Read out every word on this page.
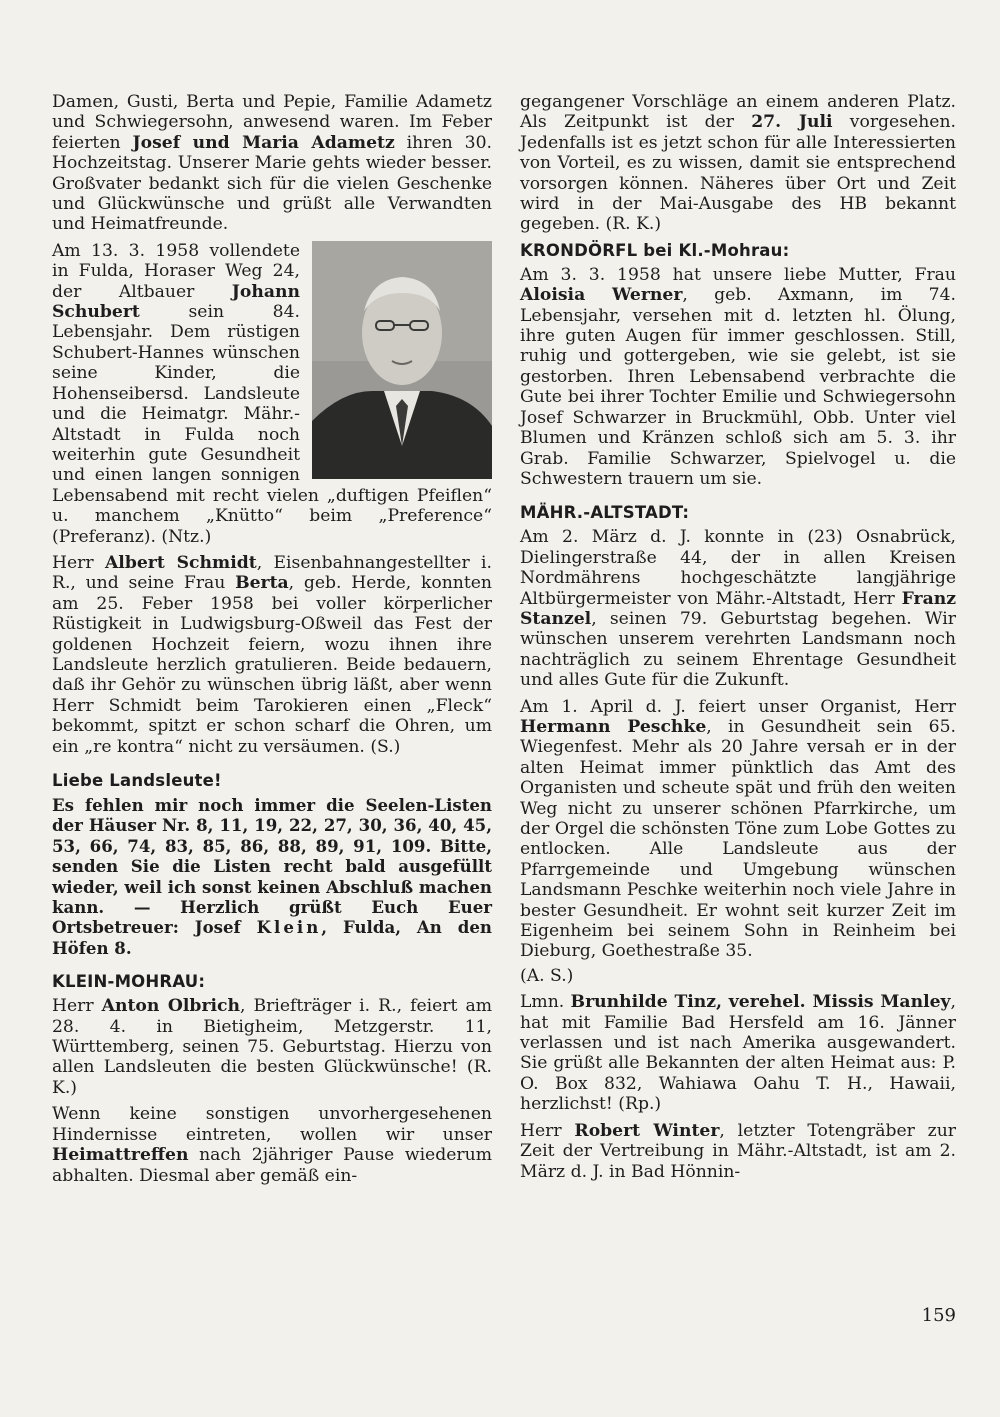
Damen, Gusti, Berta und Pepie, Familie Adametz und Schwiegersohn, anwesend waren. Im Feber feierten Josef und Maria Adametz ihren 30. Hochzeitstag. Unserer Marie gehts wieder besser. Großvater bedankt sich für die vielen Geschenke und Glückwünsche und grüßt alle Verwandten und Heimatfreunde.

Am 13. 3. 1958 vollendete in Fulda, Horaser Weg 24, der Altbauer Johann Schubert sein 84. Lebensjahr. Dem rüstigen Schubert-Hannes wünschen seine Kinder, die Hohenseibersd. Landsleute und die Heimatgr. Mähr.-Altstadt in Fulda noch weiterhin gute Gesundheit und einen langen sonnigen Lebensabend mit recht vielen „duftigen Pfeiflen“ u. manchem „Knütto“ beim „Preference“ (Preferanz). (Ntz.)

Herr Albert Schmidt, Eisenbahnangestellter i. R., und seine Frau Berta, geb. Herde, konnten am 25. Feber 1958 bei voller körperlicher Rüstigkeit in Ludwigsburg-Oßweil das Fest der goldenen Hochzeit feiern, wozu ihnen ihre Landsleute herzlich gratulieren. Beide bedauern, daß ihr Gehör zu wünschen übrig läßt, aber wenn Herr Schmidt beim Tarokieren einen „Fleck“ bekommt, spitzt er schon scharf die Ohren, um ein „re kontra“ nicht zu versäumen. (S.)

Liebe Landsleute!

Es fehlen mir noch immer die Seelen-Listen der Häuser Nr. 8, 11, 19, 22, 27, 30, 36, 40, 45, 53, 66, 74, 83, 85, 86, 88, 89, 91, 109. Bitte, senden Sie die Listen recht bald ausgefüllt wieder, weil ich sonst keinen Abschluß machen kann. — Herzlich grüßt Euch Euer Ortsbetreuer: Josef Klein, Fulda, An den Höfen 8.

KLEIN-MOHRAU:

Herr Anton Olbrich, Briefträger i. R., feiert am 28. 4. in Bietigheim, Metzgerstr. 11, Württemberg, seinen 75. Geburtstag. Hierzu von allen Landsleuten die besten Glückwünsche! (R. K.)

Wenn keine sonstigen unvorhergesehenen Hindernisse eintreten, wollen wir unser Heimattreffen nach 2jähriger Pause wiederum abhalten. Diesmal aber gemäß ein-

gegangener Vorschläge an einem anderen Platz. Als Zeitpunkt ist der 27. Juli vorgesehen. Jedenfalls ist es jetzt schon für alle Interessierten von Vorteil, es zu wissen, damit sie entsprechend vorsorgen können. Näheres über Ort und Zeit wird in der Mai-Ausgabe des HB bekannt gegeben. (R. K.)

KRONDÖRFL bei Kl.-Mohrau:

Am 3. 3. 1958 hat unsere liebe Mutter, Frau Aloisia Werner, geb. Axmann, im 74. Lebensjahr, versehen mit d. letzten hl. Ölung, ihre guten Augen für immer geschlossen. Still, ruhig und gottergeben, wie sie gelebt, ist sie gestorben. Ihren Lebensabend verbrachte die Gute bei ihrer Tochter Emilie und Schwiegersohn Josef Schwarzer in Bruckmühl, Obb. Unter viel Blumen und Kränzen schloß sich am 5. 3. ihr Grab. Familie Schwarzer, Spielvogel u. die Schwestern trauern um sie.

MÄHR.-ALTSTADT:

Am 2. März d. J. konnte in (23) Osnabrück, Dielingerstraße 44, der in allen Kreisen Nordmährens hochgeschätzte langjährige Altbürgermeister von Mähr.-Altstadt, Herr Franz Stanzel, seinen 79. Geburtstag begehen. Wir wünschen unserem verehrten Landsmann noch nachträglich zu seinem Ehrentage Gesundheit und alles Gute für die Zukunft.

Am 1. April d. J. feiert unser Organist, Herr Hermann Peschke, in Gesundheit sein 65. Wiegenfest. Mehr als 20 Jahre versah er in der alten Heimat immer pünktlich das Amt des Organisten und scheute spät und früh den weiten Weg nicht zu unserer schönen Pfarrkirche, um der Orgel die schönsten Töne zum Lobe Gottes zu entlocken. Alle Landsleute aus der Pfarrgemeinde und Umgebung wünschen Landsmann Peschke weiterhin noch viele Jahre in bester Gesundheit. Er wohnt seit kurzer Zeit im Eigenheim bei seinem Sohn in Reinheim bei Dieburg, Goethestraße 35.

(A. S.)

Lmn. Brunhilde Tinz, verehel. Missis Manley, hat mit Familie Bad Hersfeld am 16. Jänner verlassen und ist nach Amerika ausgewandert. Sie grüßt alle Bekannten der alten Heimat aus: P. O. Box 832, Wahiawa Oahu T. H., Hawaii, herzlichst! (Rp.)

Herr Robert Winter, letzter Totengräber zur Zeit der Vertreibung in Mähr.-Altstadt, ist am 2. März d. J. in Bad Hönnin-

159
